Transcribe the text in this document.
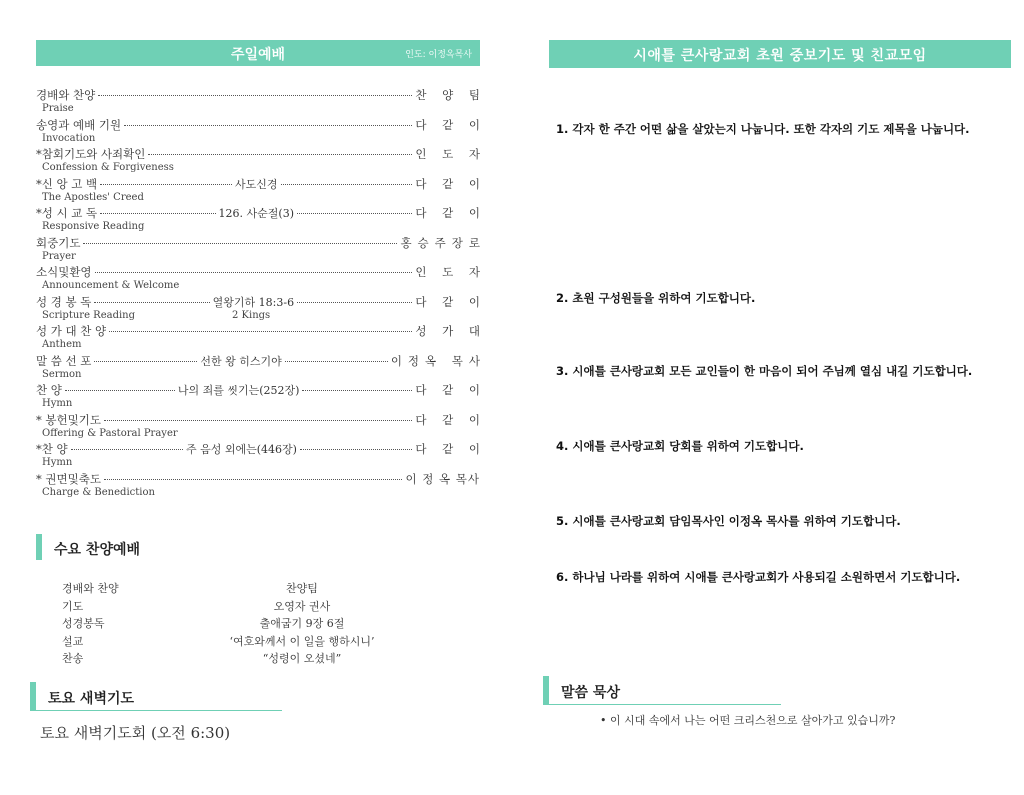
주일예배	인도: 이정옥목사
경배와 찬양	찬 양 팀
Praise
송영과 예배 기원	다 같 이
Invocation
*참회기도와 사죄확인	인 도 자
Confession & Forgiveness
*신 앙 고 백	사도신경	다 같 이
The Apostles' Creed
*성 시 교 독	126. 사순절(3)	다 같 이
Responsive Reading
회중기도	홍승주장로
Prayer
소식및환영	인 도 자
Announcement & Welcome
성 경 봉 독	열왕기하 18:3-6	다 같 이
Scripture Reading	2 Kings
성 가 대 찬 양	성 가 대
Anthem
말 씀 선 포	선한 왕 히스기야	이정옥 목사
Sermon
찬 양	나의 죄를 씻기는(252장)	다 같 이
Hymn
* 봉헌및기도	다 같 이
Offering & Pastoral Prayer
*찬 양	주 음성 외에는(446장)	다 같 이
Hymn
* 권면및축도	이 정 옥 목사
Charge & Benediction
수요 찬양예배
경배와 찬양	찬양팀
기도	오영자 권사
성경봉독	출애굽기 9장 6절
설교	‘여호와께서 이 일을 행하시니’
찬송	“성령이 오셨네”
토요 새벽기도
토요 새벽기도회 (오전 6:30)
시애틀 큰사랑교회 초원 중보기도 및 친교모임
1. 각자 한 주간 어떤 삶을 살았는지 나눕니다. 또한 각자의 기도 제목을 나눕니다.
2. 초원 구성원들을 위하여 기도합니다.
3. 시애틀 큰사랑교회 모든 교인들이 한 마음이 되어 주님께 열심 내길 기도합니다.
4. 시애틀 큰사랑교회 당회를 위하여 기도합니다.
5. 시애틀 큰사랑교회 담임목사인 이정옥 목사를 위하여 기도합니다.
6. 하나님 나라를 위하여 시애틀 큰사랑교회가 사용되길 소원하면서 기도합니다.
말씀 묵상
• 이 시대 속에서 나는 어떤 크리스천으로 살아가고 있습니까?
